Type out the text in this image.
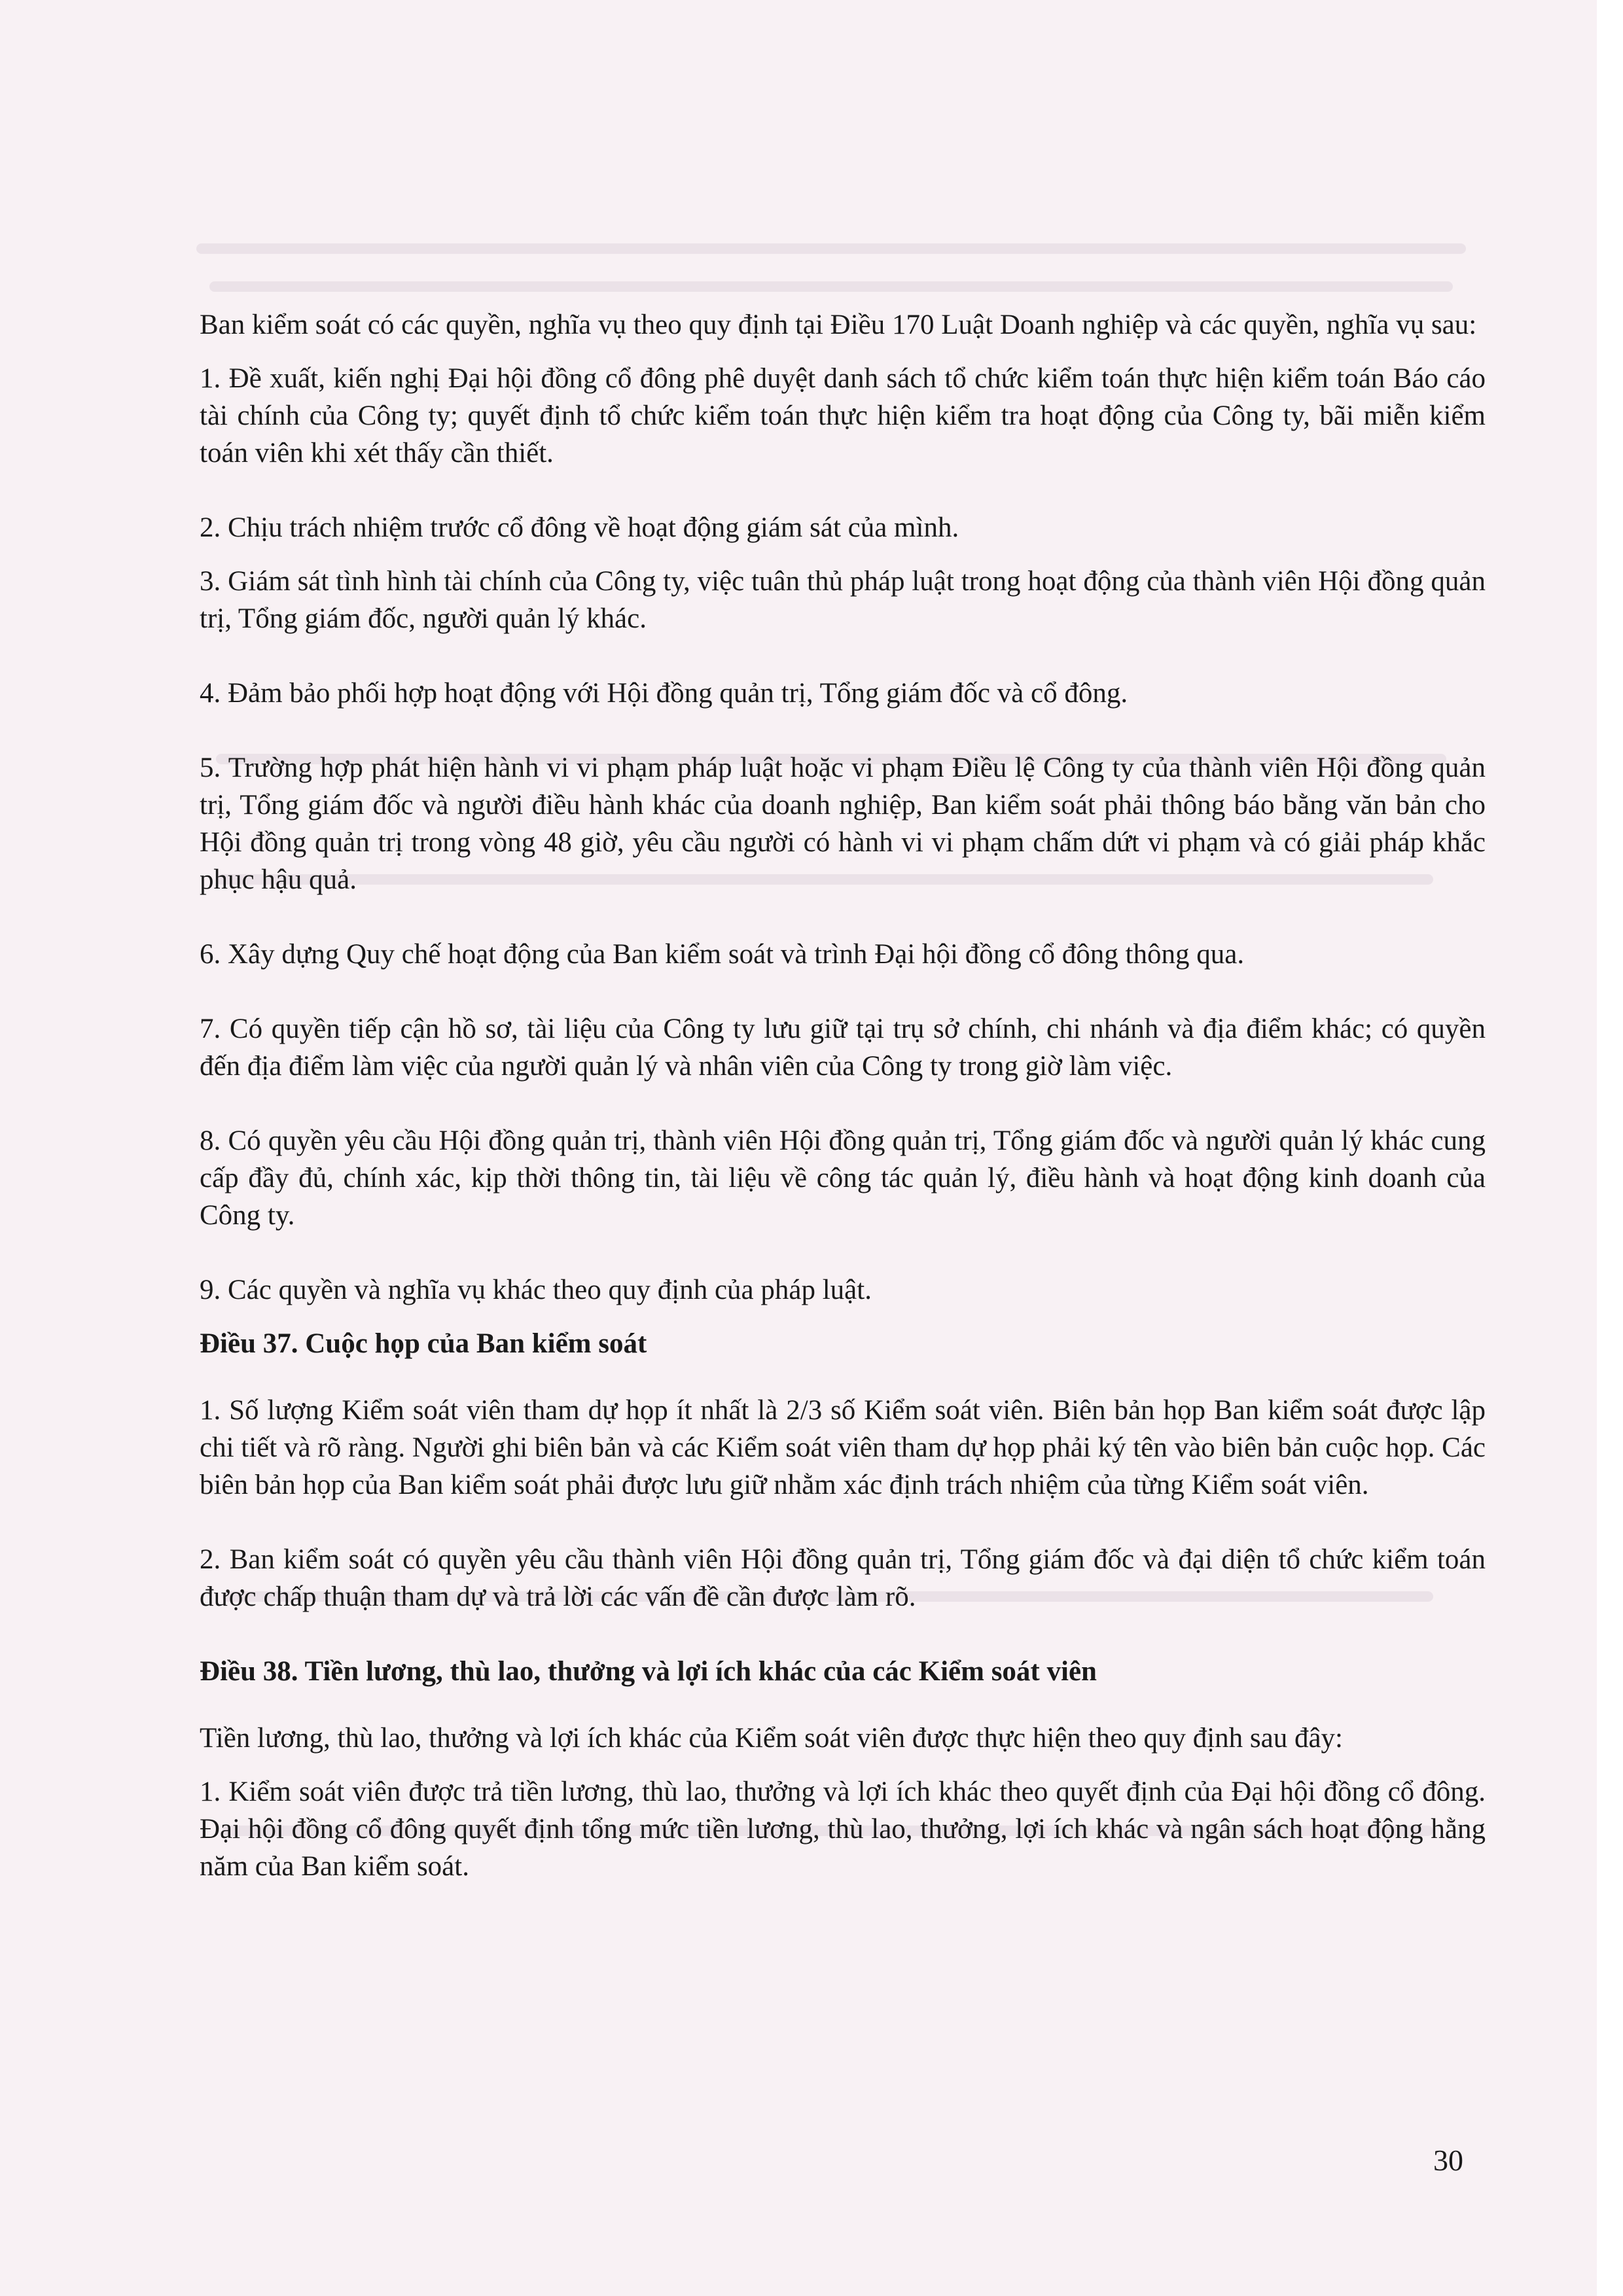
Ban kiểm soát có các quyền, nghĩa vụ theo quy định tại Điều 170 Luật Doanh nghiệp và các quyền, nghĩa vụ sau:

1. Đề xuất, kiến nghị Đại hội đồng cổ đông phê duyệt danh sách tổ chức kiểm toán thực hiện kiểm toán Báo cáo tài chính của Công ty; quyết định tổ chức kiểm toán thực hiện kiểm tra hoạt động của Công ty, bãi miễn kiểm toán viên khi xét thấy cần thiết.

2. Chịu trách nhiệm trước cổ đông về hoạt động giám sát của mình.

3. Giám sát tình hình tài chính của Công ty, việc tuân thủ pháp luật trong hoạt động của thành viên Hội đồng quản trị, Tổng giám đốc, người quản lý khác.

4. Đảm bảo phối hợp hoạt động với Hội đồng quản trị, Tổng giám đốc và cổ đông.

5. Trường hợp phát hiện hành vi vi phạm pháp luật hoặc vi phạm Điều lệ Công ty của thành viên Hội đồng quản trị, Tổng giám đốc và người điều hành khác của doanh nghiệp, Ban kiểm soát phải thông báo bằng văn bản cho Hội đồng quản trị trong vòng 48 giờ, yêu cầu người có hành vi vi phạm chấm dứt vi phạm và có giải pháp khắc phục hậu quả.

6. Xây dựng Quy chế hoạt động của Ban kiểm soát và trình Đại hội đồng cổ đông thông qua.

7. Có quyền tiếp cận hồ sơ, tài liệu của Công ty lưu giữ tại trụ sở chính, chi nhánh và địa điểm khác; có quyền đến địa điểm làm việc của người quản lý và nhân viên của Công ty trong giờ làm việc.

8. Có quyền yêu cầu Hội đồng quản trị, thành viên Hội đồng quản trị, Tổng giám đốc và người quản lý khác cung cấp đầy đủ, chính xác, kịp thời thông tin, tài liệu về công tác quản lý, điều hành và hoạt động kinh doanh của Công ty.

9. Các quyền và nghĩa vụ khác theo quy định của pháp luật.

Điều 37. Cuộc họp của Ban kiểm soát

1. Số lượng Kiểm soát viên tham dự họp ít nhất là 2/3 số Kiểm soát viên. Biên bản họp Ban kiểm soát được lập chi tiết và rõ ràng. Người ghi biên bản và các Kiểm soát viên tham dự họp phải ký tên vào biên bản cuộc họp. Các biên bản họp của Ban kiểm soát phải được lưu giữ nhằm xác định trách nhiệm của từng Kiểm soát viên.

2. Ban kiểm soát có quyền yêu cầu thành viên Hội đồng quản trị, Tổng giám đốc và đại diện tổ chức kiểm toán được chấp thuận tham dự và trả lời các vấn đề cần được làm rõ.

Điều 38. Tiền lương, thù lao, thưởng và lợi ích khác của các Kiểm soát viên

Tiền lương, thù lao, thưởng và lợi ích khác của Kiểm soát viên được thực hiện theo quy định sau đây:

1. Kiểm soát viên được trả tiền lương, thù lao, thưởng và lợi ích khác theo quyết định của Đại hội đồng cổ đông. Đại hội đồng cổ đông quyết định tổng mức tiền lương, thù lao, thưởng, lợi ích khác và ngân sách hoạt động hằng năm của Ban kiểm soát.

30
